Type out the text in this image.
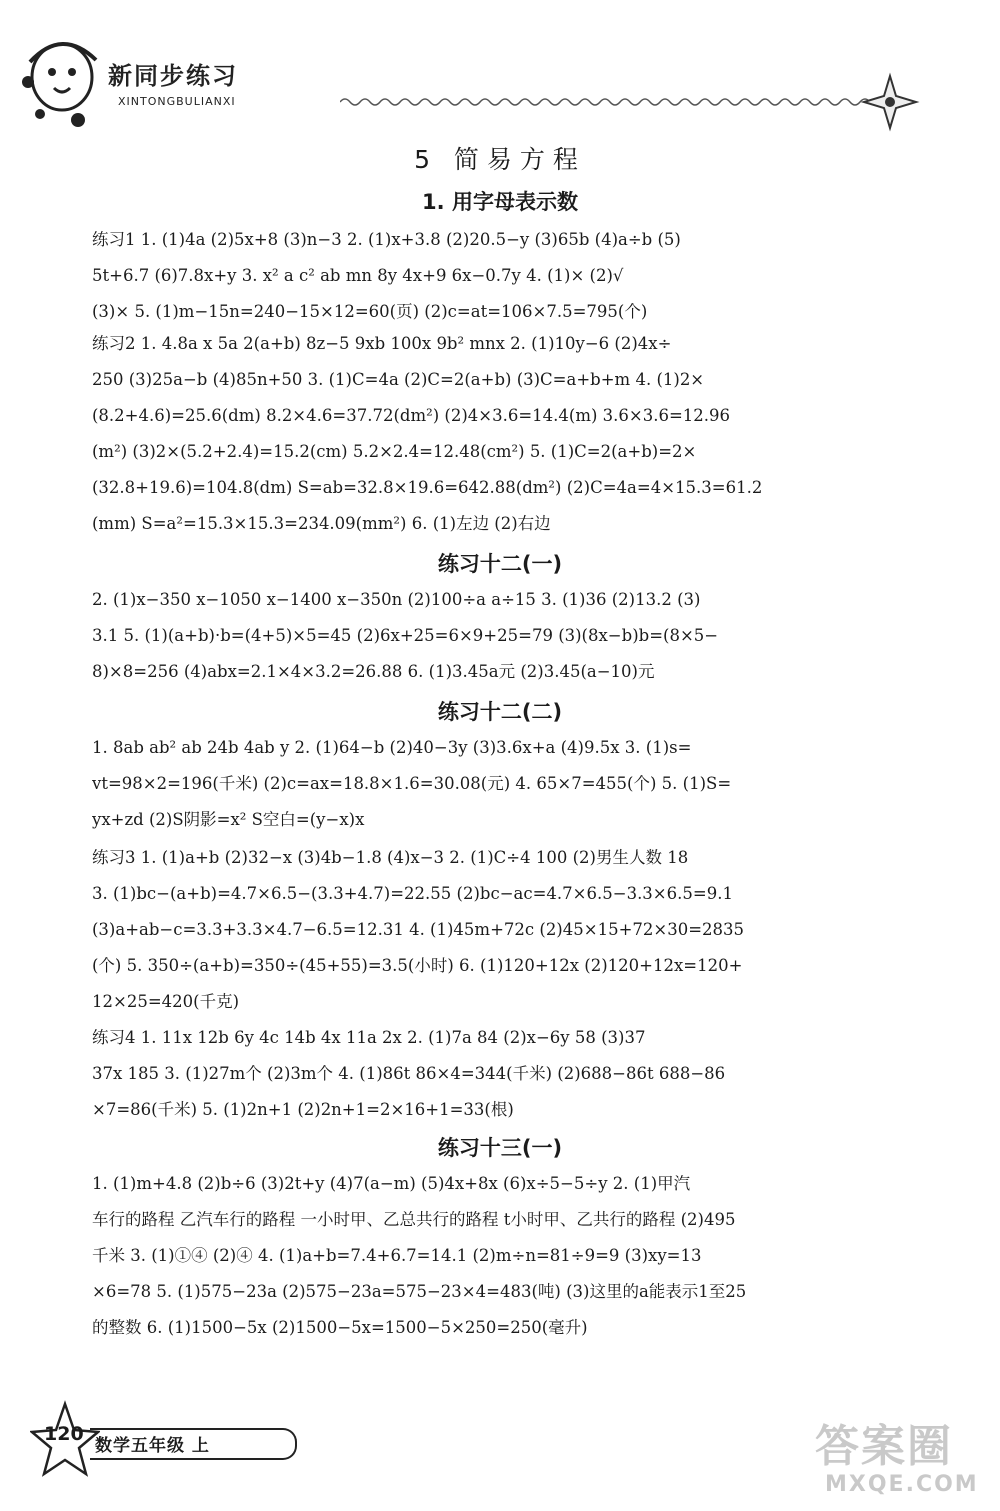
新同步练习
XINTONGBULIANXI
5 简易方程
1. 用字母表示数
练习1 1. (1)4a (2)5x+8 (3)n−3 2. (1)x+3.8 (2)20.5−y (3)65b (4)a÷b (5)
5t+6.7 (6)7.8x+y 3. x² a c² ab mn 8y 4x+9 6x−0.7y 4. (1)× (2)√
(3)× 5. (1)m−15n=240−15×12=60(页) (2)c=at=106×7.5=795(个)
练习2 1. 4.8a x 5a 2(a+b) 8z−5 9xb 100x 9b² mnx 2. (1)10y−6 (2)4x÷
250 (3)25a−b (4)85n+50 3. (1)C=4a (2)C=2(a+b) (3)C=a+b+m 4. (1)2×
(8.2+4.6)=25.6(dm) 8.2×4.6=37.72(dm²) (2)4×3.6=14.4(m) 3.6×3.6=12.96
(m²) (3)2×(5.2+2.4)=15.2(cm) 5.2×2.4=12.48(cm²) 5. (1)C=2(a+b)=2×
(32.8+19.6)=104.8(dm) S=ab=32.8×19.6=642.88(dm²) (2)C=4a=4×15.3=61.2
(mm) S=a²=15.3×15.3=234.09(mm²) 6. (1)左边 (2)右边
练习十二(一)
2. (1)x−350 x−1050 x−1400 x−350n (2)100÷a a÷15 3. (1)36 (2)13.2 (3)
3.1 5. (1)(a+b)·b=(4+5)×5=45 (2)6x+25=6×9+25=79 (3)(8x−b)b=(8×5−
8)×8=256 (4)abx=2.1×4×3.2=26.88 6. (1)3.45a元 (2)3.45(a−10)元
练习十二(二)
1. 8ab ab² ab 24b 4ab y 2. (1)64−b (2)40−3y (3)3.6x+a (4)9.5x 3. (1)s=
vt=98×2=196(千米) (2)c=ax=18.8×1.6=30.08(元) 4. 65×7=455(个) 5. (1)S=
yx+zd (2)S阴影=x² S空白=(y−x)x
练习3 1. (1)a+b (2)32−x (3)4b−1.8 (4)x−3 2. (1)C÷4 100 (2)男生人数 18
3. (1)bc−(a+b)=4.7×6.5−(3.3+4.7)=22.55 (2)bc−ac=4.7×6.5−3.3×6.5=9.1
(3)a+ab−c=3.3+3.3×4.7−6.5=12.31 4. (1)45m+72c (2)45×15+72×30=2835
(个) 5. 350÷(a+b)=350÷(45+55)=3.5(小时) 6. (1)120+12x (2)120+12x=120+
12×25=420(千克)
练习4 1. 11x 12b 6y 4c 14b 4x 11a 2x 2. (1)7a 84 (2)x−6y 58 (3)37
37x 185 3. (1)27m个 (2)3m个 4. (1)86t 86×4=344(千米) (2)688−86t 688−86
×7=86(千米) 5. (1)2n+1 (2)2n+1=2×16+1=33(根)
练习十三(一)
1. (1)m+4.8 (2)b÷6 (3)2t+y (4)7(a−m) (5)4x+8x (6)x÷5−5÷y 2. (1)甲汽
车行的路程 乙汽车行的路程 一小时甲、乙总共行的路程 t小时甲、乙共行的路程 (2)495
千米 3. (1)①④ (2)④ 4. (1)a+b=7.4+6.7=14.1 (2)m÷n=81÷9=9 (3)xy=13
×6=78 5. (1)575−23a (2)575−23a=575−23×4=483(吨) (3)这里的a能表示1至25
的整数 6. (1)1500−5x (2)1500−5x=1500−5×250=250(毫升)
120
数学五年级 上	答案圈
MXQE.COM
